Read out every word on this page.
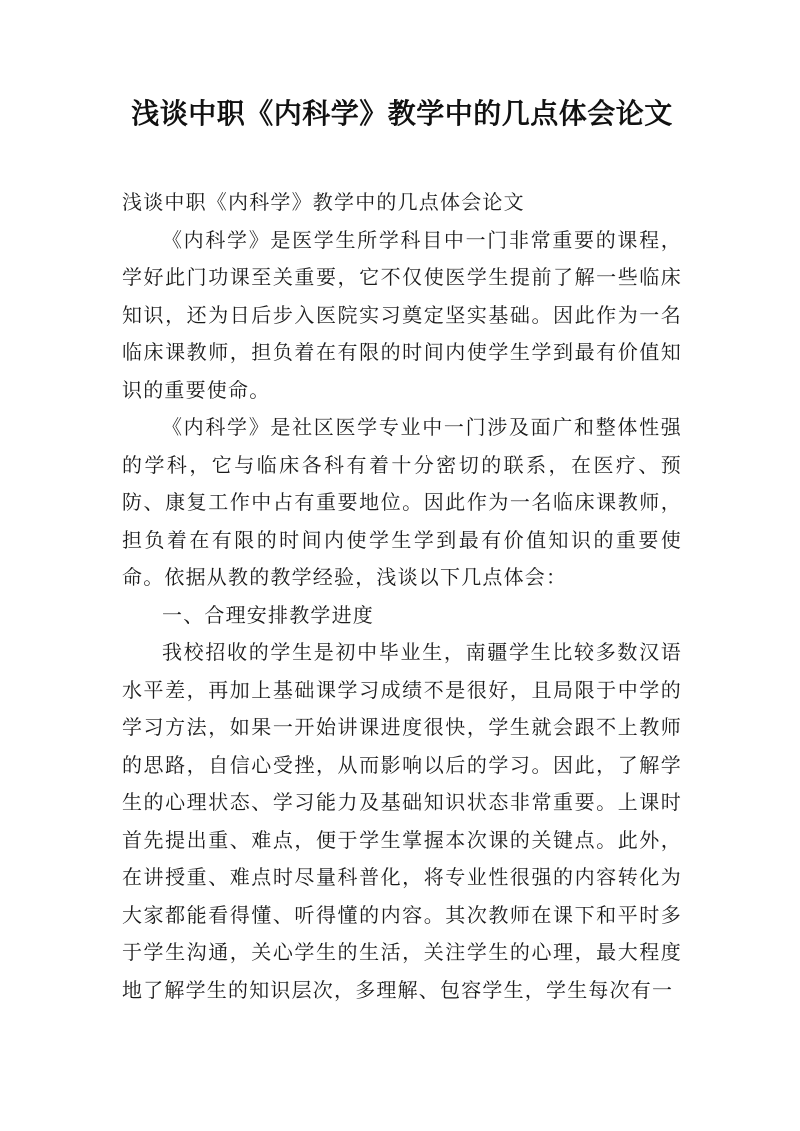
浅谈中职《内科学》教学中的几点体会论文

浅谈中职《内科学》教学中的几点体会论文

《内科学》是医学生所学科目中一门非常重要的课程，学好此门功课至关重要，它不仅使医学生提前了解一些临床知识，还为日后步入医院实习奠定坚实基础。因此作为一名临床课教师，担负着在有限的时间内使学生学到最有价值知识的重要使命。

《内科学》是社区医学专业中一门涉及面广和整体性强的学科，它与临床各科有着十分密切的联系，在医疗、预防、康复工作中占有重要地位。因此作为一名临床课教师，担负着在有限的时间内使学生学到最有价值知识的重要使命。依据从教的教学经验，浅谈以下几点体会：

一、合理安排教学进度

我校招收的学生是初中毕业生，南疆学生比较多数汉语水平差，再加上基础课学习成绩不是很好，且局限于中学的学习方法，如果一开始讲课进度很快，学生就会跟不上教师的思路，自信心受挫，从而影响以后的学习。因此，了解学生的心理状态、学习能力及基础知识状态非常重要。上课时首先提出重、难点，便于学生掌握本次课的关键点。此外，在讲授重、难点时尽量科普化，将专业性很强的内容转化为大家都能看得懂、听得懂的内容。其次教师在课下和平时多于学生沟通，关心学生的生活，关注学生的心理，最大程度地了解学生的知识层次，多理解、包容学生，学生每次有一
